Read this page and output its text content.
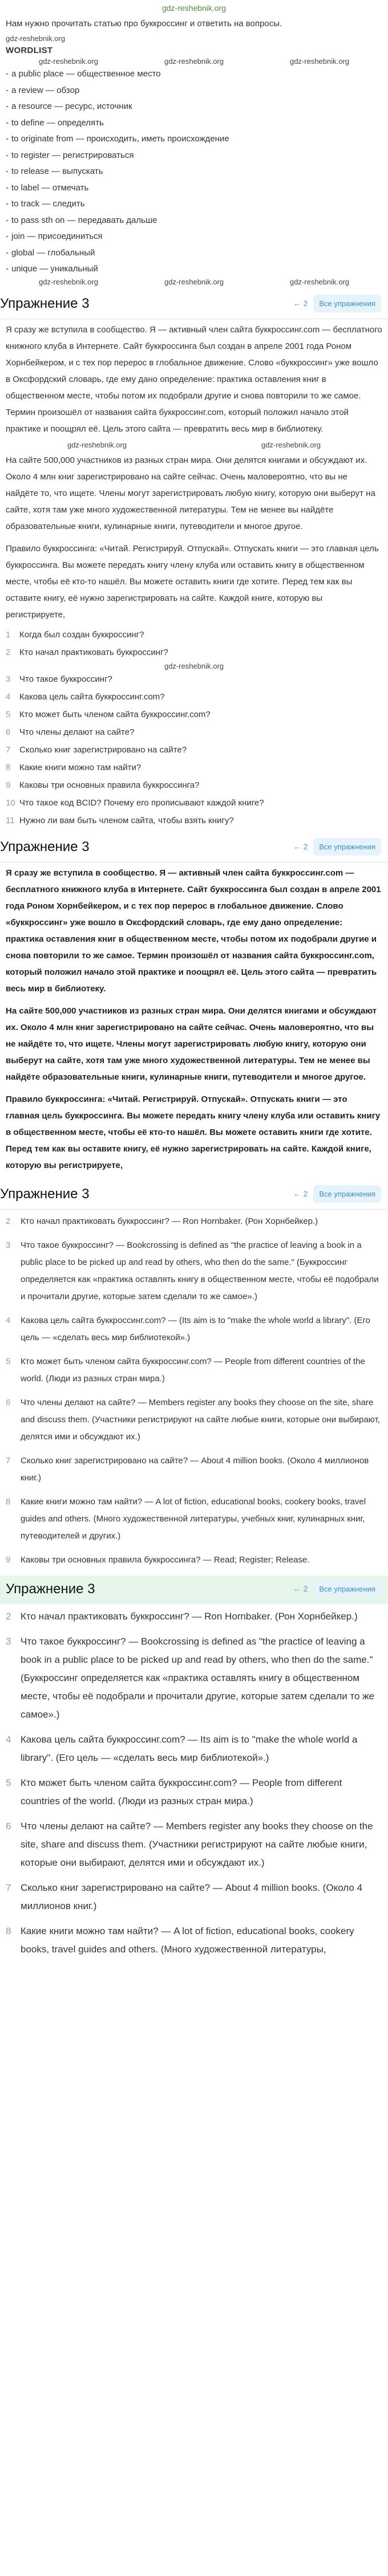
gdz-reshebnik.org

Нам нужно прочитать статью про буккроссинг и ответить на вопросы.

gdz-reshebnik.org
WORDLIST
gdz-reshebnik.org	gdz-reshebnik.org	gdz-reshebnik.org
- a public place — общественное место
- a review — обзор
- a resource — ресурс, источник
- to define — определять
- to originate from — происходить, иметь происхождение
- to register — регистрироваться
- to release — выпускать
- to label — отмечать
- to track — следить
- to pass sth on — передавать дальше
- join — присоединиться
- global — глобальный
- unique — уникальный
gdz-reshebnik.org	gdz-reshebnik.org	gdz-reshebnik.org
Упражнение 3	← 2	Все упражнения
Я сразу же вступила в сообщество. Я — активный член сайта буккроссинг.com — бесплатного книжного клуба в Интернете. Сайт буккроссинга был создан в апреле 2001 года Роном Хорнбейкером, и с тех пор перерос в глобальное движение. Слово «буккроссинг» уже вошло в Оксфордский словарь, где ему дано определение: практика оставления книг в общественном месте, чтобы потом их подобрали другие и снова повторили то же самое. Термин произошёл от названия сайта буккроссинг.com, который положил начало этой практике и поощрял её. Цель этого сайта — превратить весь мир в библиотеку.
gdz-reshebnik.org	gdz-reshebnik.org
На сайте 500,000 участников из разных стран мира. Они делятся книгами и обсуждают их. Около 4 млн книг зарегистрировано на сайте сейчас. Очень маловероятно, что вы не найдёте то, что ищете. Члены могут зарегистрировать любую книгу, которую они выберут на сайте, хотя там уже много художественной литературы. Тем не менее вы найдёте образовательные книги, кулинарные книги, путеводители и многое другое.
Правило буккроссинга: «Читай. Регистрируй. Отпускай». Отпускать книги — это главная цель буккроссинга. Вы можете передать книгу члену клуба или оставить книгу в общественном месте, чтобы её кто-то нашёл. Вы можете оставить книги где хотите. Перед тем как вы оставите книгу, её нужно зарегистрировать на сайте. Каждой книге, которую вы регистрируете,
1	Когда был создан буккроссинг?
2	Кто начал практиковать буккроссинг?
gdz-reshebnik.org
3	Что такое буккроссинг?
4	Какова цель сайта буккроссинг.com?
5	Кто может быть членом сайта буккроссинг.com?
6	Что члены делают на сайте?
7	Сколько книг зарегистрировано на сайте?
8	Какие книги можно там найти?
9	Каковы три основных правила буккроссинга?
10 Что такое код BCID? Почему его прописывают каждой книге?
11 Нужно ли вам быть членом сайта, чтобы взять книгу?
Упражнение 3	← 2	Все упражнения
Я сразу же вступила в сообщество. Я — активный член сайта буккроссинг.com — бесплатного книжного клуба в Интернете. Сайт буккроссинга был создан в апреле 2001 года Роном Хорнбейкером, и с тех пор перерос в глобальное движение. Слово «буккроссинг» уже вошло в Оксфордский словарь, где ему дано определение: практика оставления книг в общественном месте, чтобы потом их подобрали другие и снова повторили то же самое. Термин произошёл от названия сайта буккроссинг.com, который положил начало этой практике и поощрял её. Цель этого сайта — превратить весь мир в библиотеку.
На сайте 500,000 участников из разных стран мира. Они делятся книгами и обсуждают их. Около 4 млн книг зарегистрировано на сайте сейчас. Очень маловероятно, что вы не найдёте то, что ищете. Члены могут зарегистрировать любую книгу, которую они выберут на сайте, хотя там уже много художественной литературы. Тем не менее вы найдёте образовательные книги, кулинарные книги, путеводители и многое другое.
Правило буккроссинга: «Читай. Регистрируй. Отпускай». Отпускать книги — это главная цель буккроссинга. Вы можете передать книгу члену клуба или оставить книгу в общественном месте, чтобы её кто-то нашёл. Вы можете оставить книги где хотите. Перед тем как вы оставите книгу, её нужно зарегистрировать на сайте. Каждой книге, которую вы регистрируете,
Упражнение 3	← 2	Все упражнения
2	Кто начал практиковать буккроссинг? — Ron Hornbaker. (Рон Хорнбейкер.)
3	Что такое буккроссинг? — Bookcrossing is defined as "the practice of leaving a book in a public place to be picked up and read by others, who then do the same." (Буккроссинг определяется как «практика оставлять книгу в общественном месте, чтобы её подобрали и прочитали другие, которые затем сделали то же самое».)
4	Какова цель сайта буккроссинг.com? — (Its aim is to "make the whole world a library". (Его цель — «сделать весь мир библиотекой».)
5	Кто может быть членом сайта буккроссинг.com? — People from different countries of the world. (Люди из разных стран мира.)
6	Что члены делают на сайте? — Members register any books they choose on the site, share and discuss them. (Участники регистрируют на сайте любые книги, которые они выбирают, делятся ими и обсуждают их.)
7	Сколько книг зарегистрировано на сайте? — About 4 million books. (Около 4 миллионов книг.)
8	Какие книги можно там найти? — A lot of fiction, educational books, cookery books, travel guides and others. (Много художественной литературы, учебных книг, кулинарных книг, путеводителей и других.)
9	Каковы три основных правила буккроссинга? — Read; Register; Release.
Упражнение 3	← 2	Все упражнения
2 Кто начал практиковать буккроссинг? — Ron Hornbaker. (Рон Хорнбейкер.)
3 Что такое буккроссинг? — Bookcrossing is defined as "the practice of leaving a book in a public place to be picked up and read by others, who then do the same." (Буккроссинг определяется как «практика оставлять книгу в общественном месте, чтобы её подобрали и прочитали другие, которые затем сделали то же самое».)
4 Какова цель сайта буккроссинг.com? — Its aim is to "make the whole world a library". (Его цель — «сделать весь мир библиотекой».)
5 Кто может быть членом сайта буккроссинг.com? — People from different countries of the world. (Люди из разных стран мира.)
6 Что члены делают на сайте? — Members register any books they choose on the site, share and discuss them. (Участники регистрируют на сайте любые книги, которые они выбирают, делятся ими и обсуждают их.)
7 Сколько книг зарегистрировано на сайте? — About 4 million books. (Около 4 миллионов книг.)
8 Какие книги можно там найти? — A lot of fiction, educational books, cookery books, travel guides and others. (Много художественной литературы,
